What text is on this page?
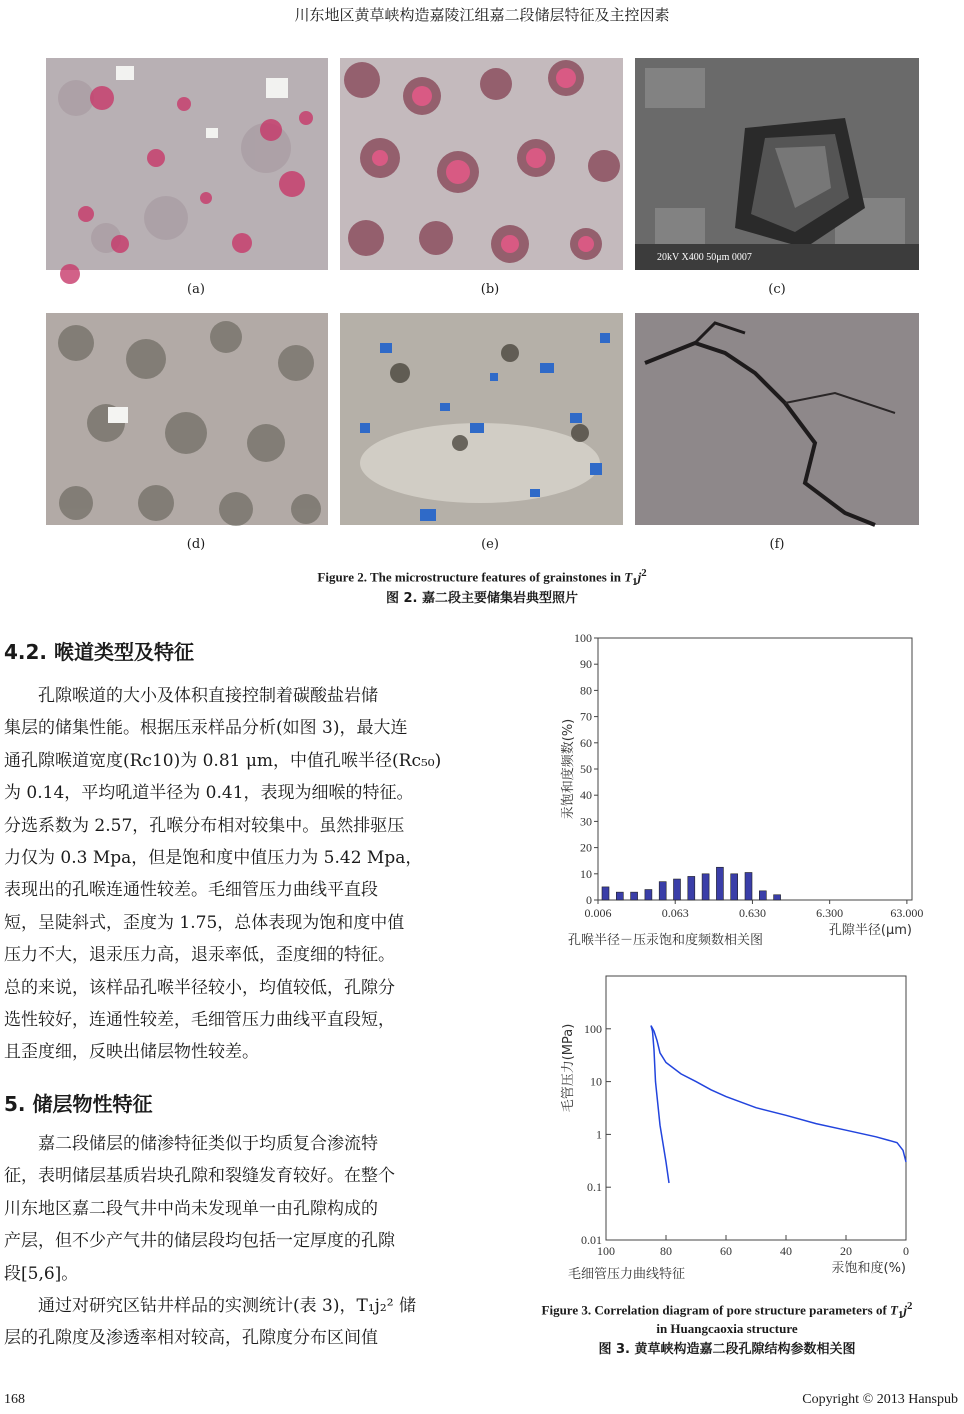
川东地区黄草峡构造嘉陵江组嘉二段储层特征及主控因素
20kV X400 50μm 0007
(a)	(b)	(c)
(d)	(e)	(f)
Figure 2. The microstructure features of grainstones in $T_1j^2$
图 2. 嘉二段主要储集岩典型照片
4.2. 喉道类型及特征
孔隙喉道的大小及体积直接控制着碳酸盐岩储
集层的储集性能。根据压汞样品分析(如图 3)，最大连
通孔隙喉道宽度(Rc10)为 0.81 μm，中值孔喉半径(Rc₅₀)
为 0.14，平均吼道半径为 0.41，表现为细喉的特征。
分选系数为 2.57，孔喉分布相对较集中。虽然排驱压
力仅为 0.3 Mpa，但是饱和度中值压力为 5.42 Mpa，
表现出的孔喉连通性较差。毛细管压力曲线平直段
短，呈陡斜式，歪度为 1.75，总体表现为饱和度中值
压力不大，退汞压力高，退汞率低，歪度细的特征。
总的来说，该样品孔喉半径较小，均值较低，孔隙分
选性较好，连通性较差，毛细管压力曲线平直段短，
且歪度细，反映出储层物性较差。
5. 储层物性特征
嘉二段储层的储渗特征类似于均质复合渗流特
征，表明储层基质岩块孔隙和裂缝发育较好。在整个
川东地区嘉二段气井中尚未发现单一由孔隙构成的
产层，但不少产气井的储层段均包括一定厚度的孔隙
段[5,6]。
通过对研究区钻井样品的实测统计(表 3)，T₁j₂² 储
层的孔隙度及渗透率相对较高，孔隙度分布区间值
0
10
20
30
40
50
60
70
80
90
100
0.006	0.063	0.630	6.300	63.000
汞饱和度频数(%)
孔隙半径(μm)
孔喉半径－压汞饱和度频数相关图
0.01
0.1
1
10
100
100	80	60	40	20	0
毛管压力(MPa)
汞饱和度(%)
毛细管压力曲线特征
Figure 3. Correlation diagram of pore structure parameters of $T_1j^2$
in Huangcaoxia structure
图 3. 黄草峡构造嘉二段孔隙结构参数相关图
168	Copyright © 2013 Hanspub
